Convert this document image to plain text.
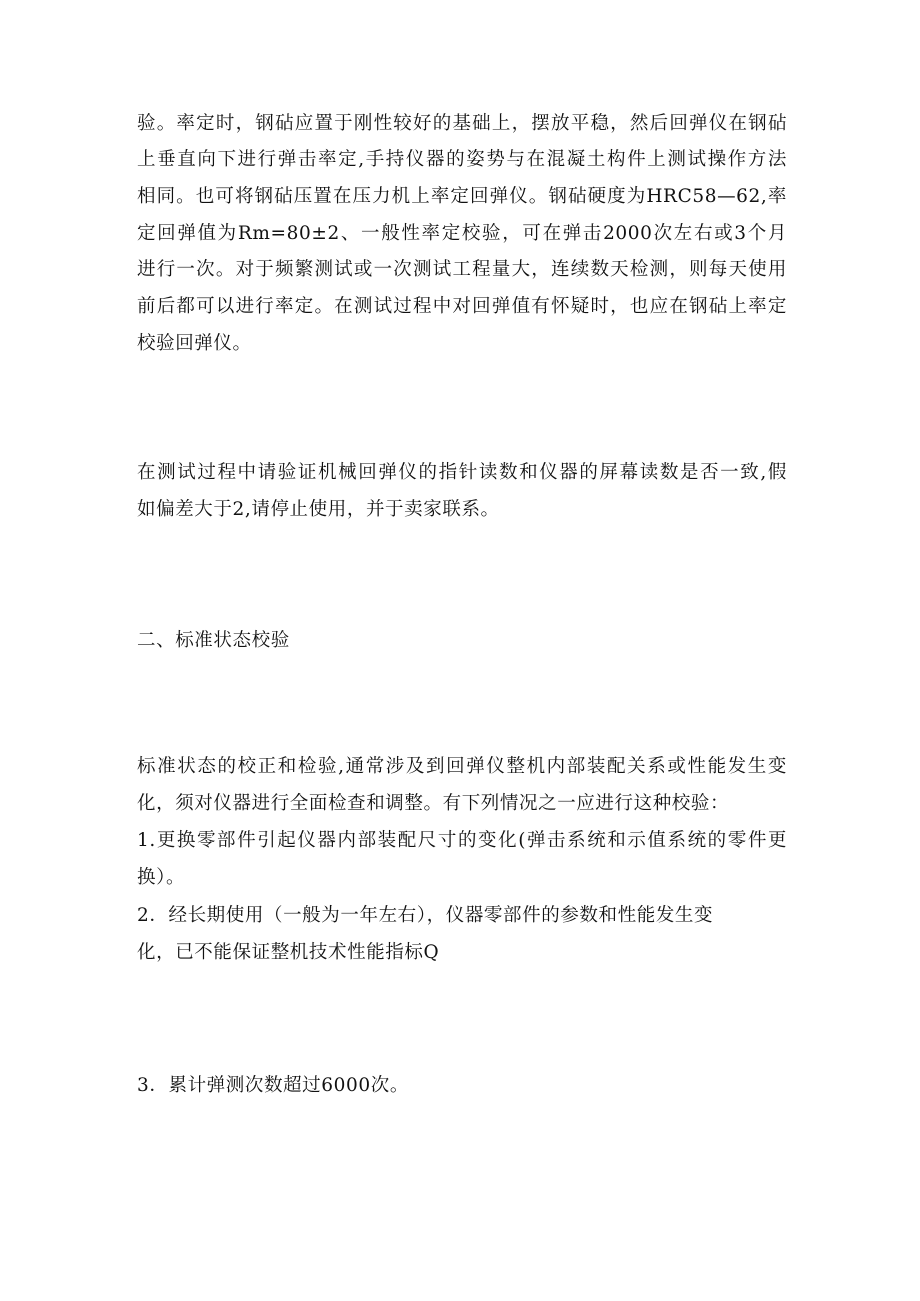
验。率定时，钢砧应置于刚性较好的基础上，摆放平稳，然后回弹仪在钢砧
上垂直向下进行弹击率定,手持仪器的姿势与在混凝土构件上测试操作方法
相同。也可将钢砧压置在压力机上率定回弹仪。钢砧硬度为HRC58—62,率
定回弹值为Rm=80±2、一般性率定校验，可在弹击2000次左右或3个月
进行一次。对于频繁测试或一次测试工程量大，连续数天检测，则每天使用
前后都可以进行率定。在测试过程中对回弹值有怀疑时，也应在钢砧上率定
校验回弹仪。
在测试过程中请验证机械回弹仪的指针读数和仪器的屏幕读数是否一致,假
如偏差大于2,请停止使用，并于卖家联系。
二、标准状态校验
标准状态的校正和检验,通常涉及到回弹仪整机内部装配关系或性能发生变
化，须对仪器进行全面检查和调整。有下列情况之一应进行这种校验：
1.更换零部件引起仪器内部装配尺寸的变化(弹击系统和示值系统的零件更
换）。
2．经长期使用（一般为一年左右），仪器零部件的参数和性能发生变
化，已不能保证整机技术性能指标Q
3．累计弹测次数超过6000次。
